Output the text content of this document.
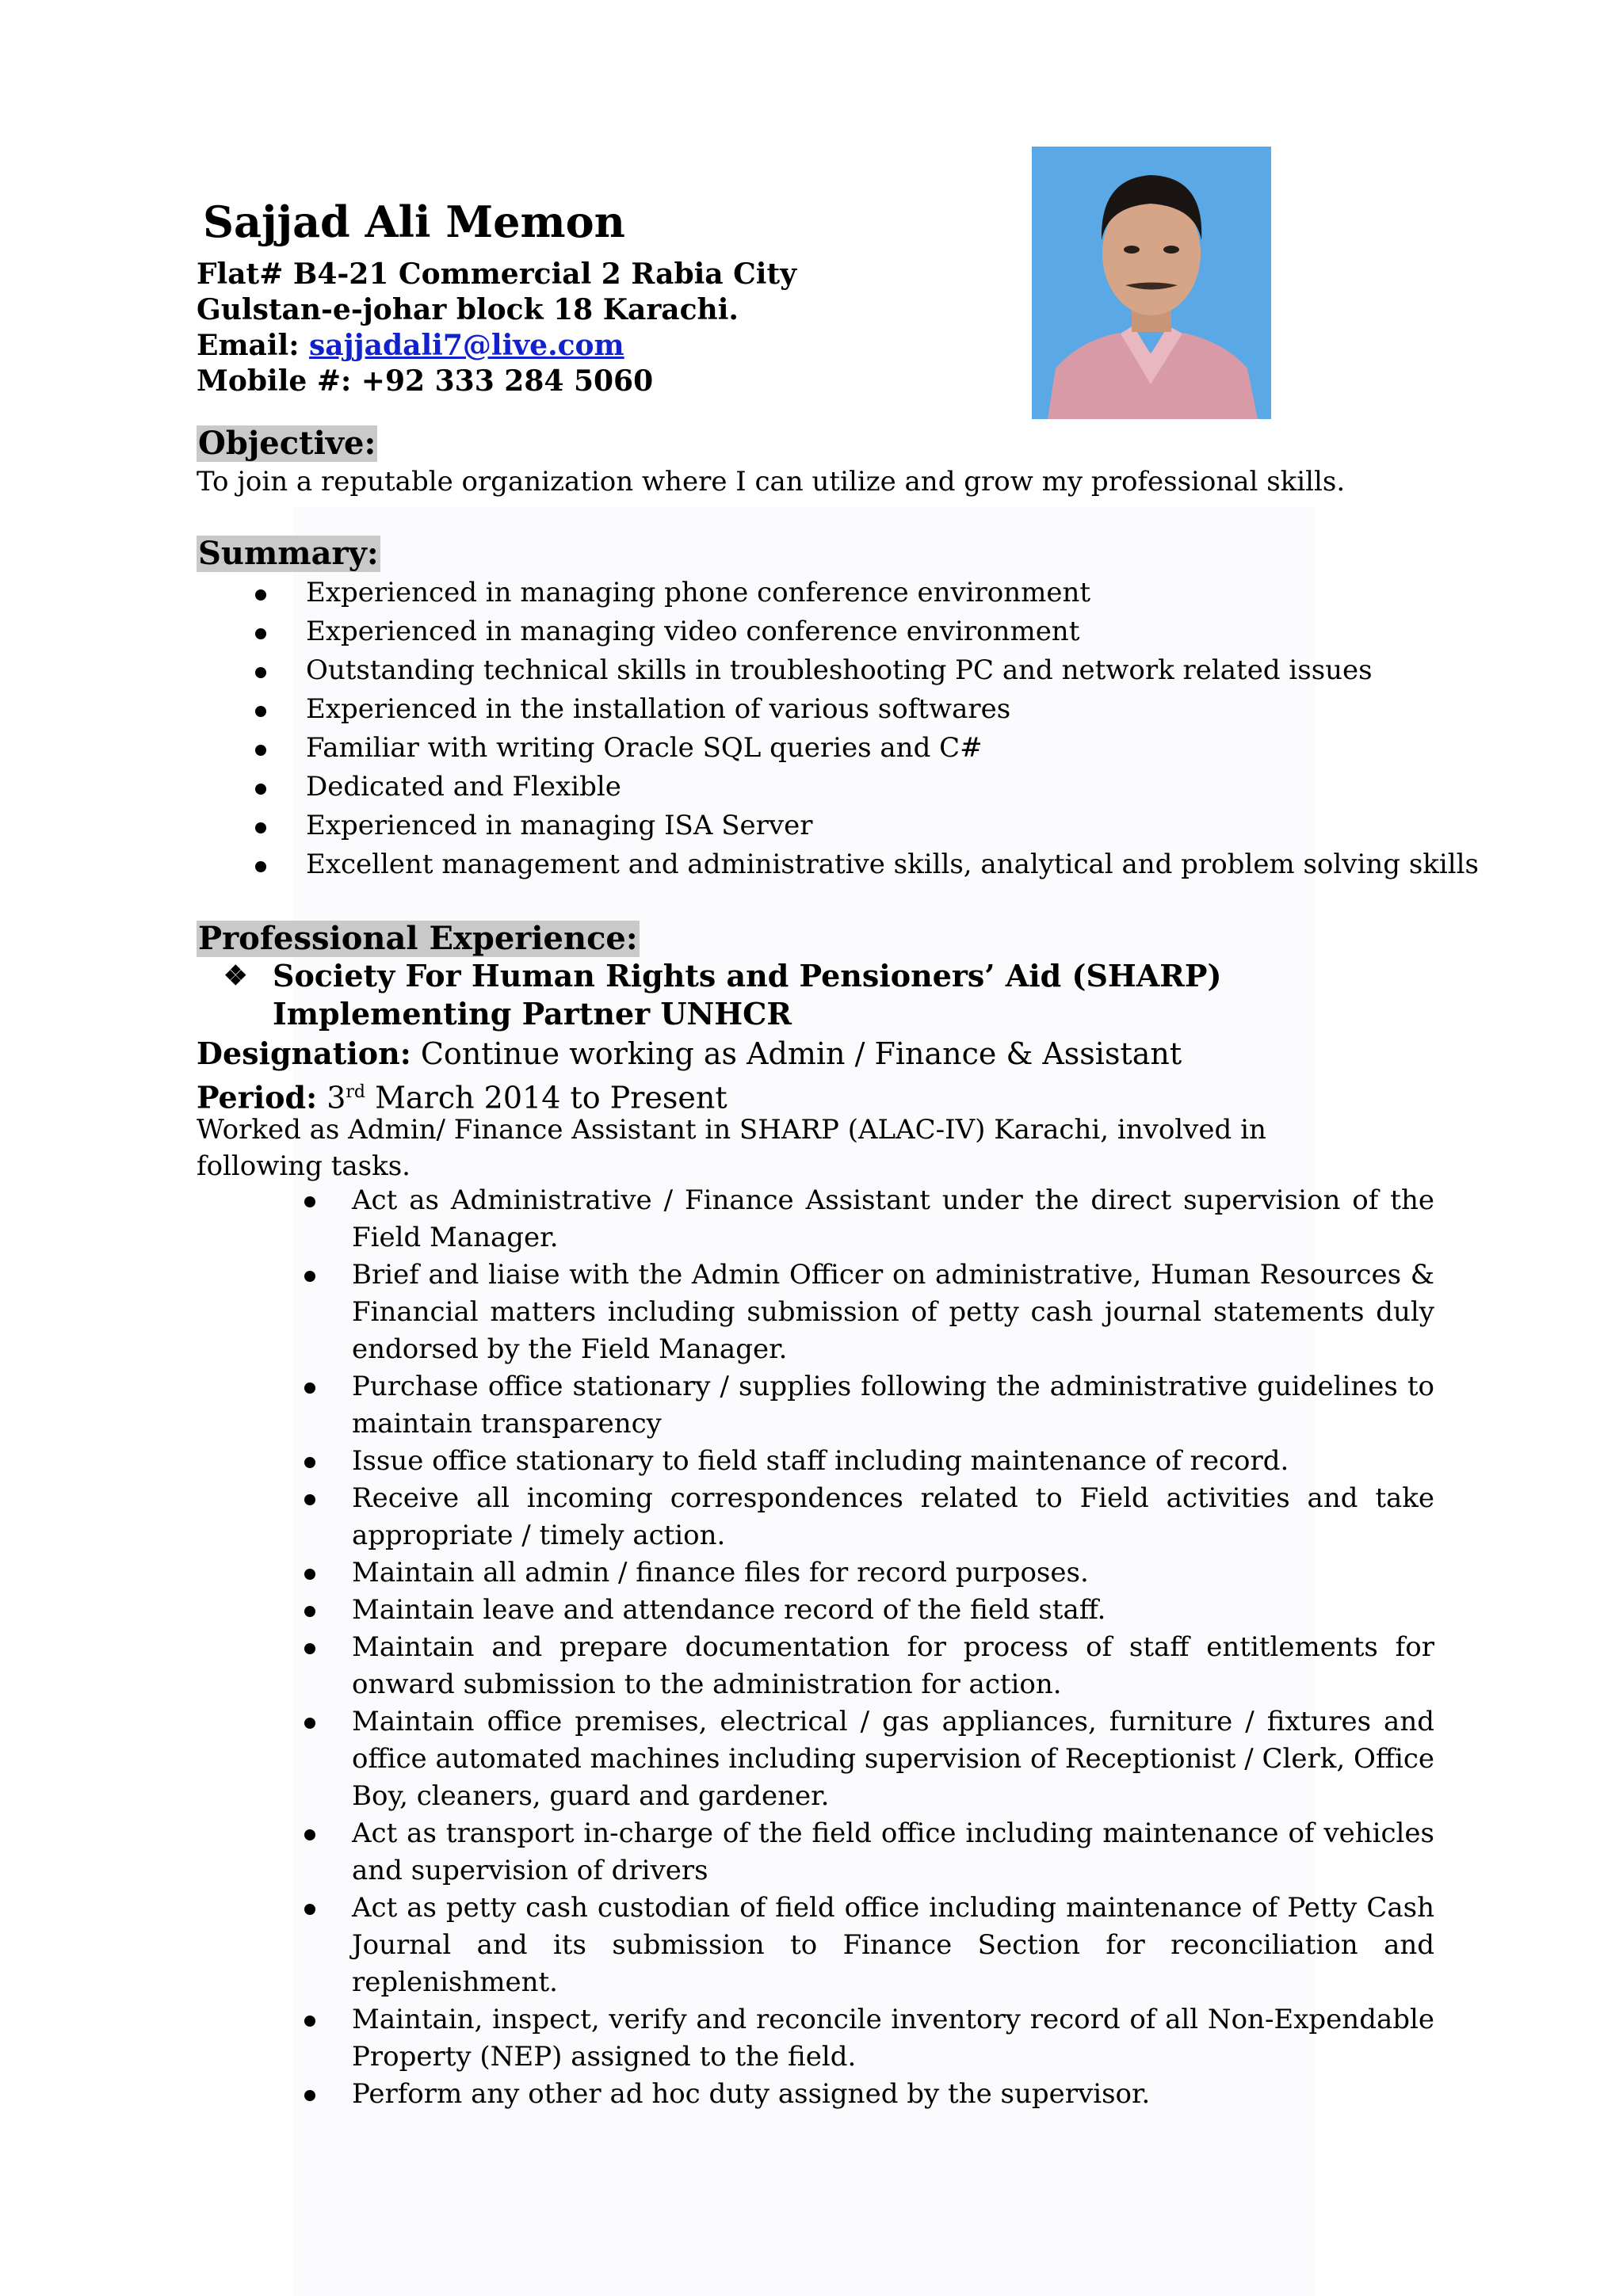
Sajjad Ali Memon
Flat# B4-21 Commercial 2 Rabia City
Gulstan-e-johar block 18 Karachi.
Email: sajjadali7@live.com
Mobile #: +92 333 284 5060
Objective:
To join a reputable organization where I can utilize and grow my professional skills.
Summary:
Experienced in managing phone conference environment
Experienced in managing video conference environment
Outstanding technical skills in troubleshooting PC and network related issues
Experienced in the installation of various softwares
Familiar with writing Oracle SQL queries and C#
Dedicated and Flexible
Experienced in managing ISA Server
Excellent management and administrative skills, analytical and problem solving skills
Professional Experience:
❖ Society For Human Rights and Pensioners’ Aid (SHARP)
Implementing Partner UNHCR
Designation: Continue working as Admin / Finance & Assistant
Period: 3rd March 2014 to Present
Worked as Admin/ Finance Assistant in SHARP (ALAC-IV) Karachi, involved in
following tasks.
Act as Administrative / Finance Assistant under the direct supervision of the Field Manager.
Brief and liaise with the Admin Officer on administrative, Human Resources & Financial matters including submission of petty cash journal statements duly endorsed by the Field Manager.
Purchase office stationary / supplies following the administrative guidelines to maintain transparency
Issue office stationary to field staff including maintenance of record.
Receive all incoming correspondences related to Field activities and take appropriate / timely action.
Maintain all admin / finance files for record purposes.
Maintain leave and attendance record of the field staff.
Maintain and prepare documentation for process of staff entitlements for onward submission to the administration for action.
Maintain office premises, electrical / gas appliances, furniture / fixtures and office automated machines including supervision of Receptionist / Clerk, Office Boy, cleaners, guard and gardener.
Act as transport in-charge of the field office including maintenance of vehicles and supervision of drivers
Act as petty cash custodian of field office including maintenance of Petty Cash Journal and its submission to Finance Section for reconciliation and replenishment.
Maintain, inspect, verify and reconcile inventory record of all Non-Expendable Property (NEP) assigned to the field.
Perform any other ad hoc duty assigned by the supervisor.
